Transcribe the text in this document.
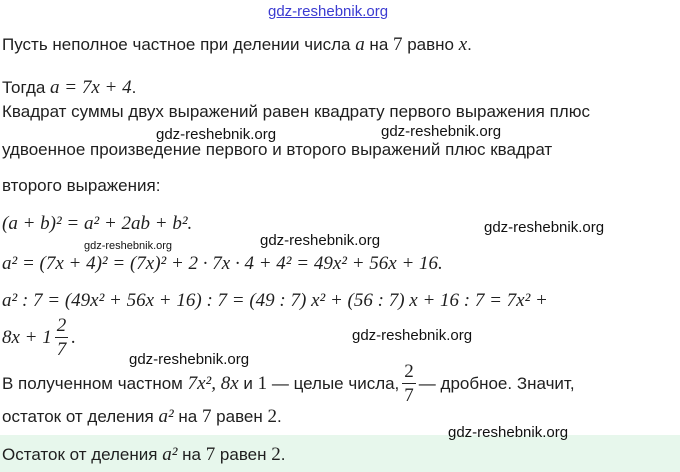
gdz-reshebnik.org
Пусть неполное частное при делении числа a на 7 равно x.
Тогда a = 7x + 4.
Квадрат суммы двух выражений равен квадрату первого выражения плюс
gdz-reshebnik.org	gdz-reshebnik.org
удвоенное произведение первого и второго выражений плюс квадрат
второго выражения:
(a + b)² = a² + 2ab + b².	gdz-reshebnik.org
gdz-reshebnik.org
gdz-reshebnik.org
a² = (7x + 4)² = (7x)² + 2 · 7x · 4 + 4² = 49x² + 56x + 16.
a² : 7 = (49x² + 56x + 16) : 7 = (49 : 7) x² + (56 : 7) x + 16 : 7 = 7x² +
$8x + 1 \frac{2}{7}$ .	gdz-reshebnik.org
gdz-reshebnik.org
В полученном частном
7x², 8x
и
1
— целые числа, $\frac{2}{7}$ — дробное. Значит,
остаток от деления a² на 7 равен 2.
gdz-reshebnik.org
Остаток от деления a² на 7 равен 2.
